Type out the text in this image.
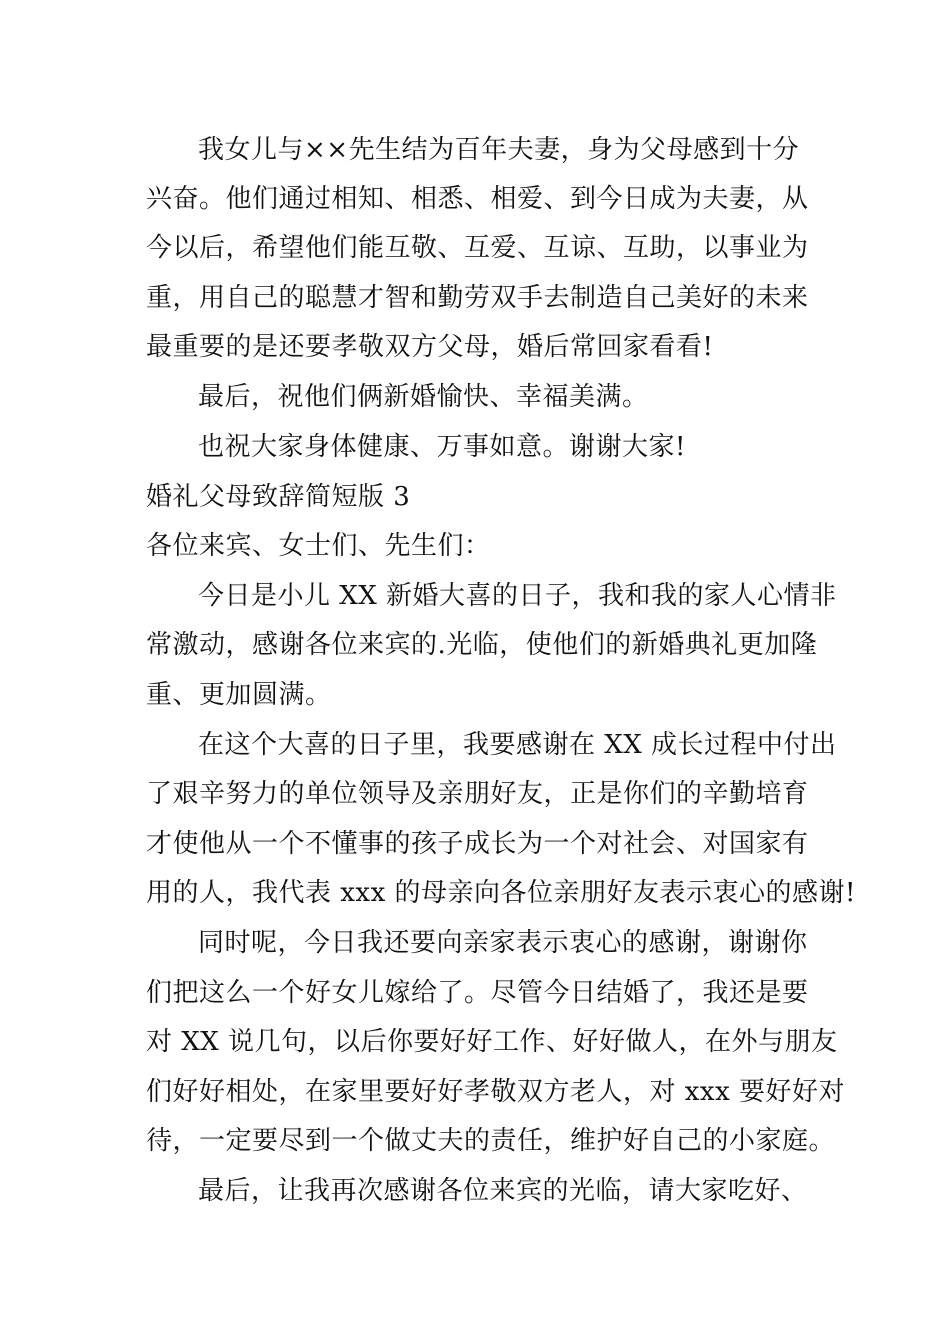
我女儿与××先生结为百年夫妻，身为父母感到十分
兴奋。他们通过相知、相悉、相爱、到今日成为夫妻，从
今以后，希望他们能互敬、互爱、互谅、互助，以事业为
重，用自己的聪慧才智和勤劳双手去制造自己美好的未来
最重要的是还要孝敬双方父母，婚后常回家看看!
最后，祝他们俩新婚愉快、幸福美满。
也祝大家身体健康、万事如意。谢谢大家!
婚礼父母致辞简短版 3
各位来宾、女士们、先生们：
今日是小儿 XX 新婚大喜的日子，我和我的家人心情非
常激动，感谢各位来宾的.光临，使他们的新婚典礼更加隆
重、更加圆满。
在这个大喜的日子里，我要感谢在 XX 成长过程中付出
了艰辛努力的单位领导及亲朋好友，正是你们的辛勤培育
才使他从一个不懂事的孩子成长为一个对社会、对国家有
用的人，我代表 xxx 的母亲向各位亲朋好友表示衷心的感谢!
同时呢，今日我还要向亲家表示衷心的感谢，谢谢你
们把这么一个好女儿嫁给了。尽管今日结婚了，我还是要
对 XX 说几句，以后你要好好工作、好好做人，在外与朋友
们好好相处，在家里要好好孝敬双方老人，对 xxx 要好好对
待，一定要尽到一个做丈夫的责任，维护好自己的小家庭。
最后，让我再次感谢各位来宾的光临，请大家吃好、
